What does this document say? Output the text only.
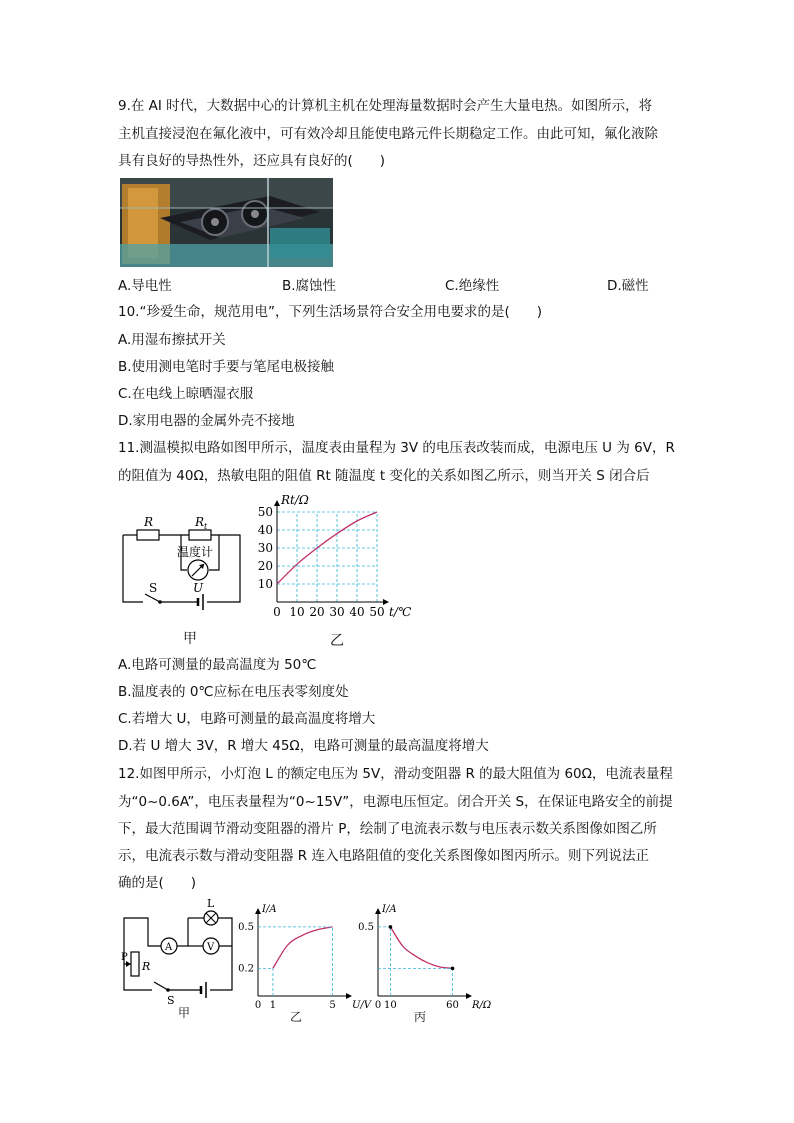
9.在 AI 时代，大数据中心的计算机主机在处理海量数据时会产生大量电热。如图所示，将
主机直接浸泡在氟化液中，可有效冷却且能使电路元件长期稳定工作。由此可知，氟化液除
具有良好的导热性外，还应具有良好的(　　)
A.导电性	B.腐蚀性	C.绝缘性	D.磁性
10.“珍爱生命，规范用电”，下列生活场景符合安全用电要求的是(　　)
A.用湿布擦拭开关
B.使用测电笔时手要与笔尾电极接触
C.在电线上晾晒湿衣服
D.家用电器的金属外壳不接地
11.测温模拟电路如图甲所示，温度表由量程为 3V 的电压表改装而成，电源电压 U 为 6V，R
的阻值为 40Ω，热敏电阻的阻值 Rt 随温度 t 变化的关系如图乙所示，则当开关 S 闭合后
R	R t
温度计
S	U
甲
0 10 20 30 40 50
10
20
30
40
50
t/℃
Rt/Ω
乙
A.电路可测量的最高温度为 50℃
B.温度表的 0℃应标在电压表零刻度处
C.若增大 U，电路可测量的最高温度将增大
D.若 U 增大 3V，R 增大 45Ω，电路可测量的最高温度将增大
12.如图甲所示，小灯泡 L 的额定电压为 5V，滑动变阻器 R 的最大阻值为 60Ω，电流表量程
为“0~0.6A”，电压表量程为“0~15V”，电源电压恒定。闭合开关 S，在保证电路安全的前提
下，最大范围调节滑动变阻器的滑片 P，绘制了电流表示数与电压表示数关系图像如图乙所
示，电流表示数与滑动变阻器 R 连入电路阻值的变化关系图像如图丙所示。则下列说法正
确的是(　　)
A	V
L
P
R
S
甲
0 1	5
0.2
0.5
U/V
I/A
乙
0 10	60
0.5
R/Ω
I/A
丙
